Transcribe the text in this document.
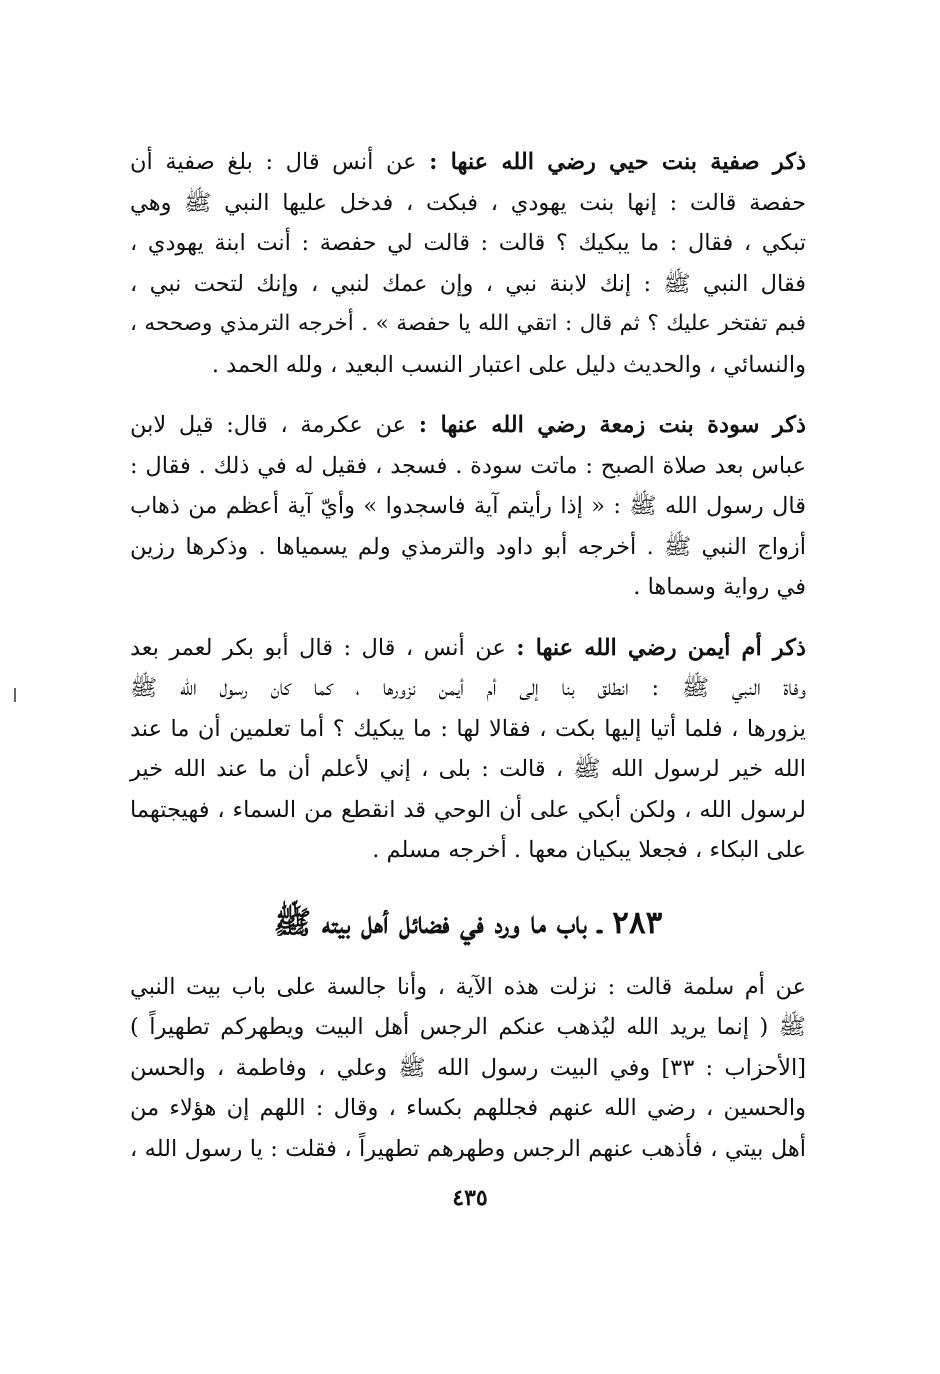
ذكر صفية بنت حيي رضي الله عنها : عن أنس قال : بلغ صفية أن
حفصة قالت : إنها بنت يهودي ، فبكت ، فدخل عليها النبي ﷺ وهي
تبكي ، فقال : ما يبكيك ؟ قالت : قالت لي حفصة : أنت ابنة يهودي ،
فقال النبي ﷺ : إنك لابنة نبي ، وإن عمك لنبي ، وإنك لتحت نبي ،
فبم تفتخر عليك ؟ ثم قال : اتقي الله يا حفصة » . أخرجه الترمذي وصححه ،
والنسائي ، والحديث دليل على اعتبار النسب البعيد ، ولله الحمد .
ذكر سودة بنت زمعة رضي الله عنها : عن عكرمة ، قال: قيل لابن
عباس بعد صلاة الصبح : ماتت سودة . فسجد ، فقيل له في ذلك . فقال :
قال رسول الله ﷺ : « إذا رأيتم آية فاسجدوا » وأيّ آية أعظم من ذهاب
أزواج النبي ﷺ . أخرجه أبو داود والترمذي ولم يسمياها . وذكرها رزين
في رواية وسماها .
ذكر أم أيمن رضي الله عنها : عن أنس ، قال : قال أبو بكر لعمر بعد
وفاة النبي ﷺ : انطلق بنا إلى أم أيمن نزورها ، كما كان رسول الله ﷺ
يزورها ، فلما أتيا إليها بكت ، فقالا لها : ما يبكيك ؟ أما تعلمين أن ما عند
الله خير لرسول الله ﷺ ، قالت : بلى ، إني لأعلم أن ما عند الله خير
لرسول الله ، ولكن أبكي على أن الوحي قد انقطع من السماء ، فهيجتهما
على البكاء ، فجعلا يبكيان معها . أخرجه مسلم .
٢٨٣ ـ باب ما ورد في فضائل أهل بيته ﷺ
عن أم سلمة قالت : نزلت هذه الآية ، وأنا جالسة على باب بيت النبي
ﷺ ( إنما يريد الله ليُذهب عنكم الرجس أهل البيت ويطهركم تطهيراً )
[الأحزاب : ٣٣] وفي البيت رسول الله ﷺ وعلي ، وفاطمة ، والحسن
والحسين ، رضي الله عنهم فجللهم بكساء ، وقال : اللهم إن هؤلاء من
أهل بيتي ، فأذهب عنهم الرجس وطهرهم تطهيراً ، فقلت : يا رسول الله ،
٤٣٥
